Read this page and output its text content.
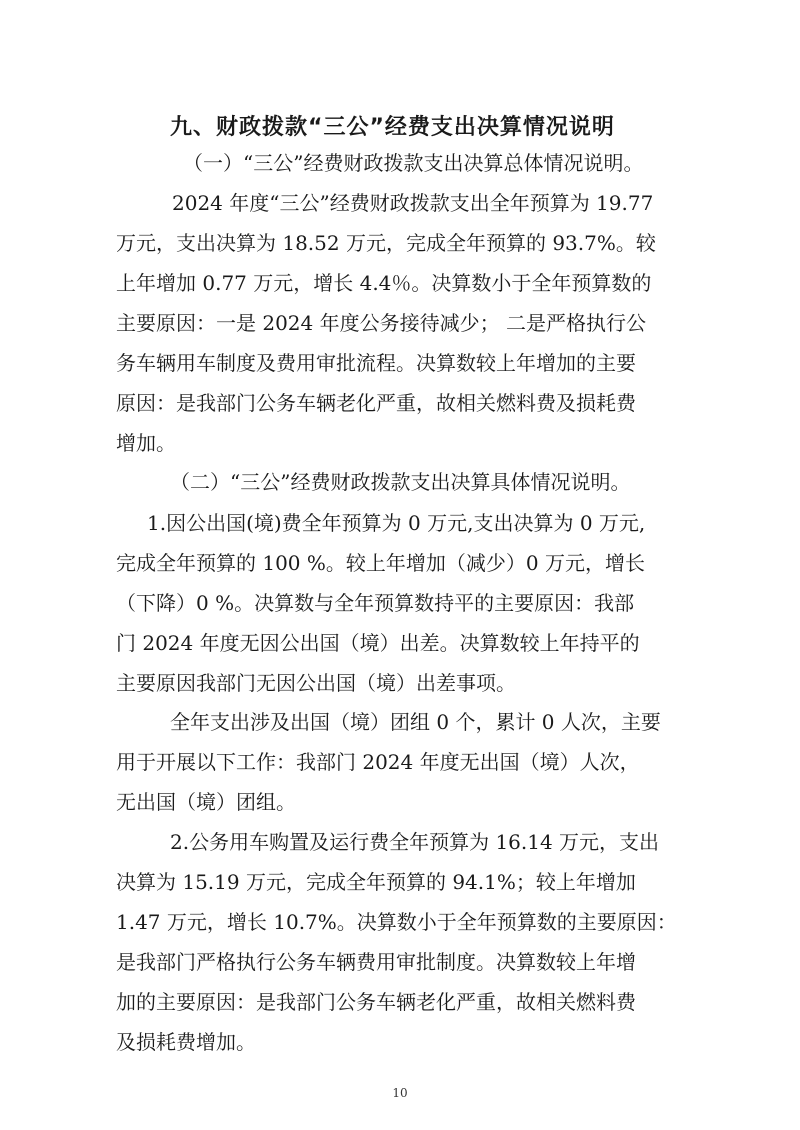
九、财政拨款“三公”经费支出决算情况说明
（一）“三公”经费财政拨款支出决算总体情况说明。
2024 年度“三公”经费财政拨款支出全年预算为 19.77
万元，支出决算为 18.52 万元，完成全年预算的 93.7%。较
上年增加 0.77 万元，增长 4.4％。决算数小于全年预算数的
主要原因：一是 2024 年度公务接待减少； 二是严格执行公
务车辆用车制度及费用审批流程。决算数较上年增加的主要
原因：是我部门公务车辆老化严重，故相关燃料费及损耗费
增加。
（二）“三公”经费财政拨款支出决算具体情况说明。
1.因公出国(境)费全年预算为 0 万元,支出决算为 0 万元,
完成全年预算的 100 %。较上年增加（减少）0 万元，增长
（下降）0 %。决算数与全年预算数持平的主要原因：我部
门 2024 年度无因公出国（境）出差。决算数较上年持平的
主要原因我部门无因公出国（境）出差事项。
全年支出涉及出国（境）团组 0 个，累计 0 人次，主要
用于开展以下工作：我部门 2024 年度无出国（境）人次，
无出国（境）团组。
2.公务用车购置及运行费全年预算为 16.14 万元，支出
决算为 15.19 万元，完成全年预算的 94.1%；较上年增加
1.47 万元，增长 10.7%。决算数小于全年预算数的主要原因：
是我部门严格执行公务车辆费用审批制度。决算数较上年增
加的主要原因：是我部门公务车辆老化严重，故相关燃料费
及损耗费增加。
10
